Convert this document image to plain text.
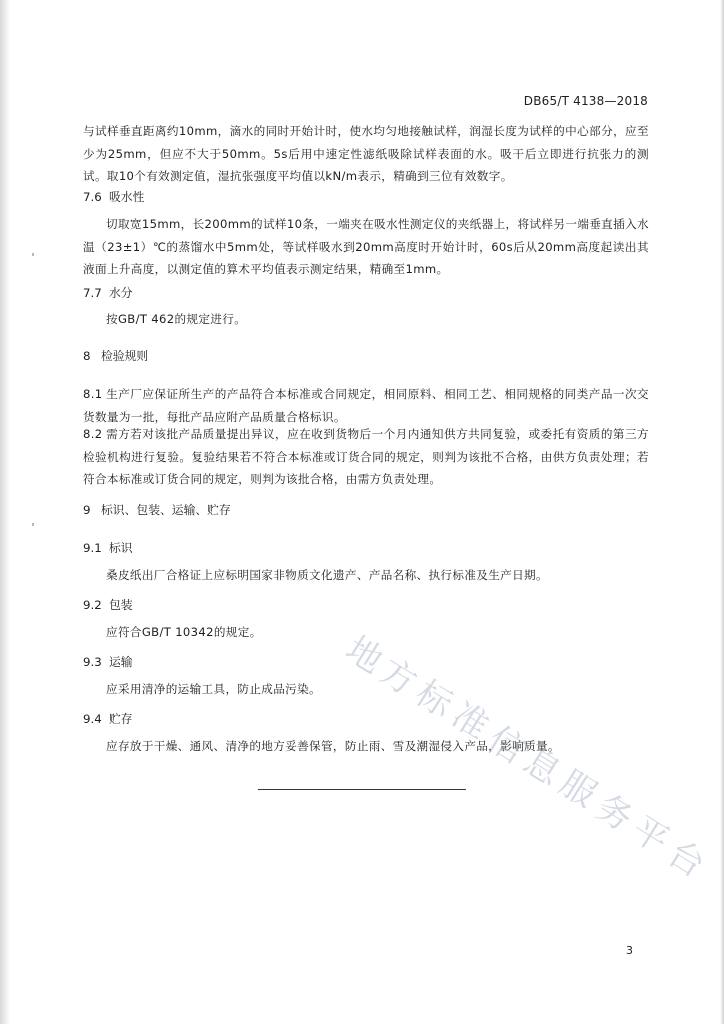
DB65/T 4138—2018
与试样垂直距离约10mm，滴水的同时开始计时，使水均匀地接触试样，润湿长度为试样的中心部分，应至少为25mm，但应不大于50mm。5s后用中速定性滤纸吸除试样表面的水。吸干后立即进行抗张力的测试。取10个有效测定值，湿抗张强度平均值以kN/m表示，精确到三位有效数字。
7.6 吸水性
切取宽15mm，长200mm的试样10条，一端夹在吸水性测定仪的夹纸器上，将试样另一端垂直插入水温（23±1）℃的蒸馏水中5mm处，等试样吸水到20mm高度时开始计时，60s后从20mm高度起读出其液面上升高度，以测定值的算术平均值表示测定结果，精确至1mm。
7.7 水分
按GB/T 462的规定进行。
8 检验规则
8.1 生产厂应保证所生产的产品符合本标准或合同规定，相同原料、相同工艺、相同规格的同类产品一次交货数量为一批，每批产品应附产品质量合格标识。
8.2 需方若对该批产品质量提出异议，应在收到货物后一个月内通知供方共同复验，或委托有资质的第三方检验机构进行复验。复验结果若不符合本标准或订货合同的规定，则判为该批不合格，由供方负责处理；若符合本标准或订货合同的规定，则判为该批合格，由需方负责处理。
9 标识、包装、运输、贮存
9.1 标识
桑皮纸出厂合格证上应标明国家非物质文化遗产、产品名称、执行标准及生产日期。
9.2 包装
应符合GB/T 10342的规定。
9.3 运输
应采用清净的运输工具，防止成品污染。
9.4 贮存
应存放于干燥、通风、清净的地方妥善保管，防止雨、雪及潮湿侵入产品，影响质量。
地
方
标
准
信
息
服
务
平
台
3
